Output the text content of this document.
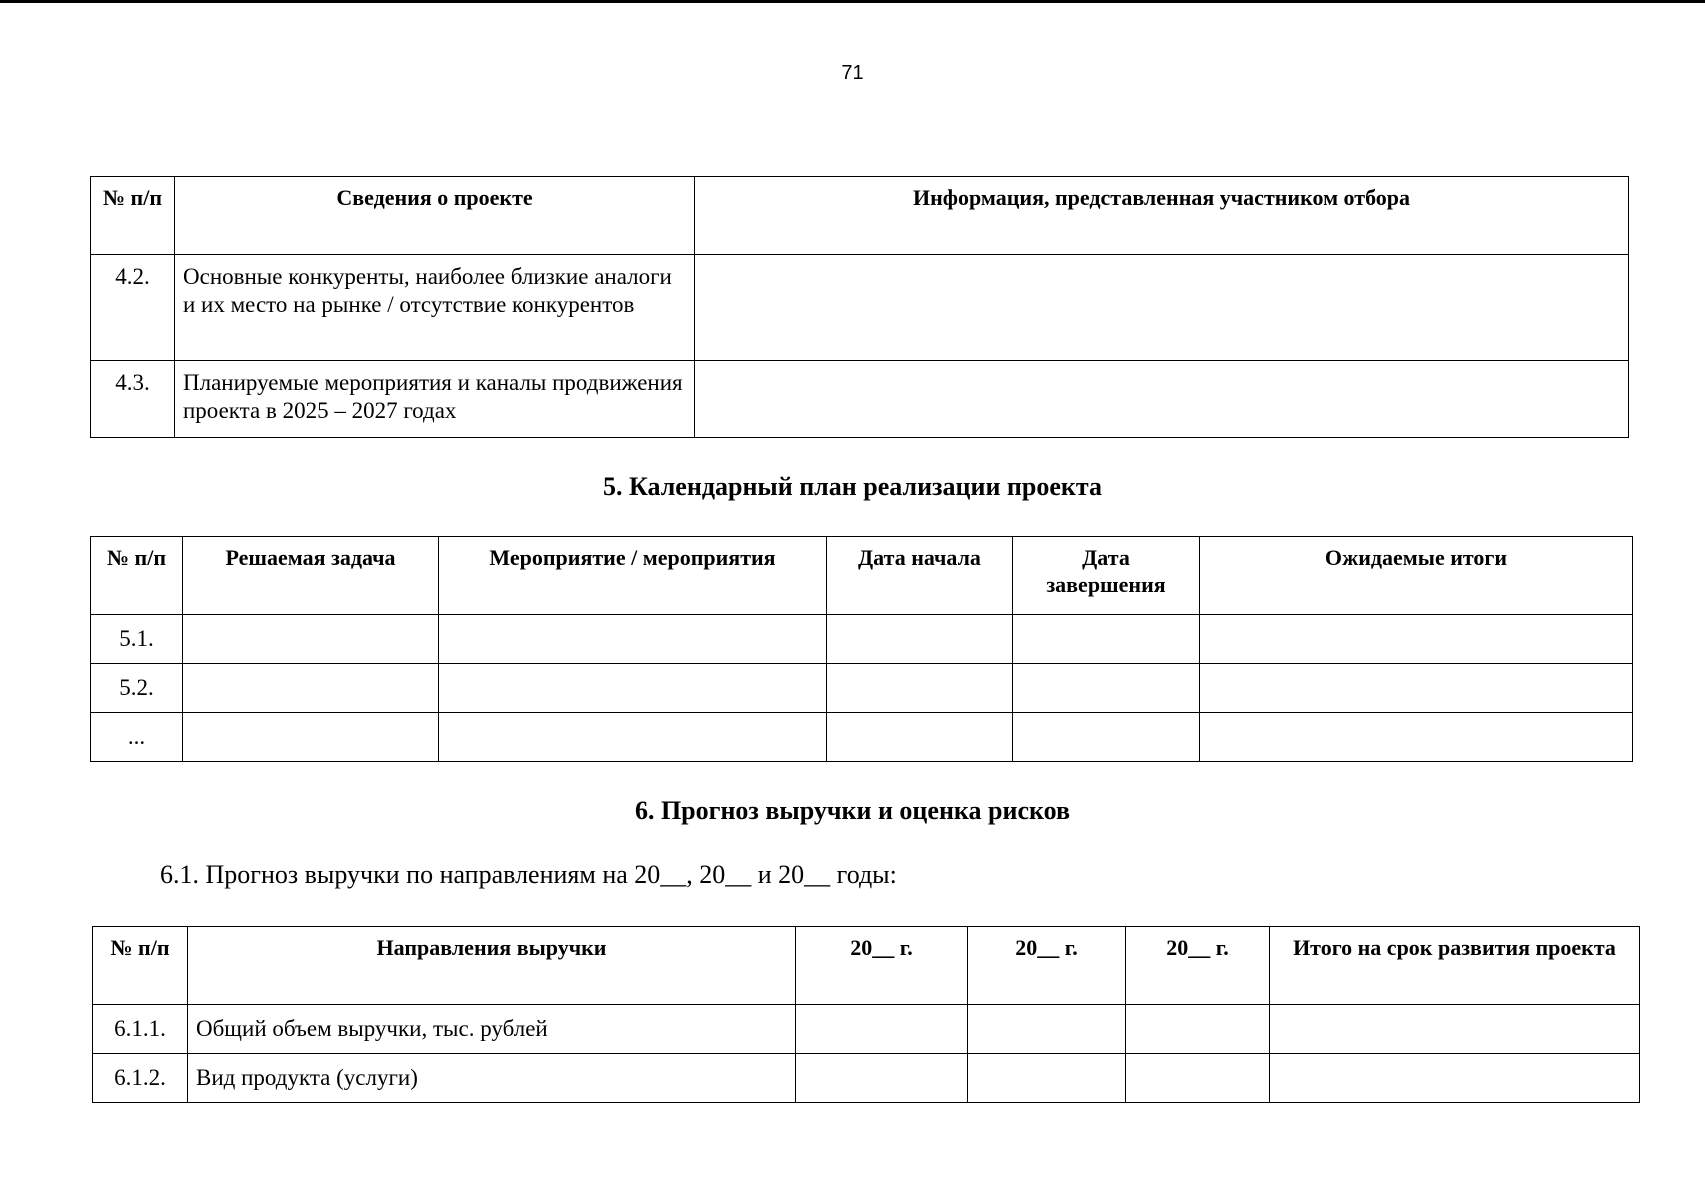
71
№ п/п	Сведения о проекте	Информация, представленная участником отбора
4.2.	Основные конкуренты, наиболее близкие аналоги и их место на рынке / отсутствие конкурентов	
4.3.	Планируемые мероприятия и каналы продвижения проекта в 2025 – 2027 годах	
5. Календарный план реализации проекта
№ п/п	Решаемая задача	Мероприятие / мероприятия	Дата начала	Дата завершения	Ожидаемые итоги
5.1.					
5.2.					
...					
6. Прогноз выручки и оценка рисков
6.1. Прогноз выручки по направлениям на 20__, 20__ и 20__ годы:
№ п/п	Направления выручки	20__ г.	20__ г.	20__ г.	Итого на срок развития проекта
6.1.1.	Общий объем выручки, тыс. рублей				
6.1.2.	Вид продукта (услуги)				
